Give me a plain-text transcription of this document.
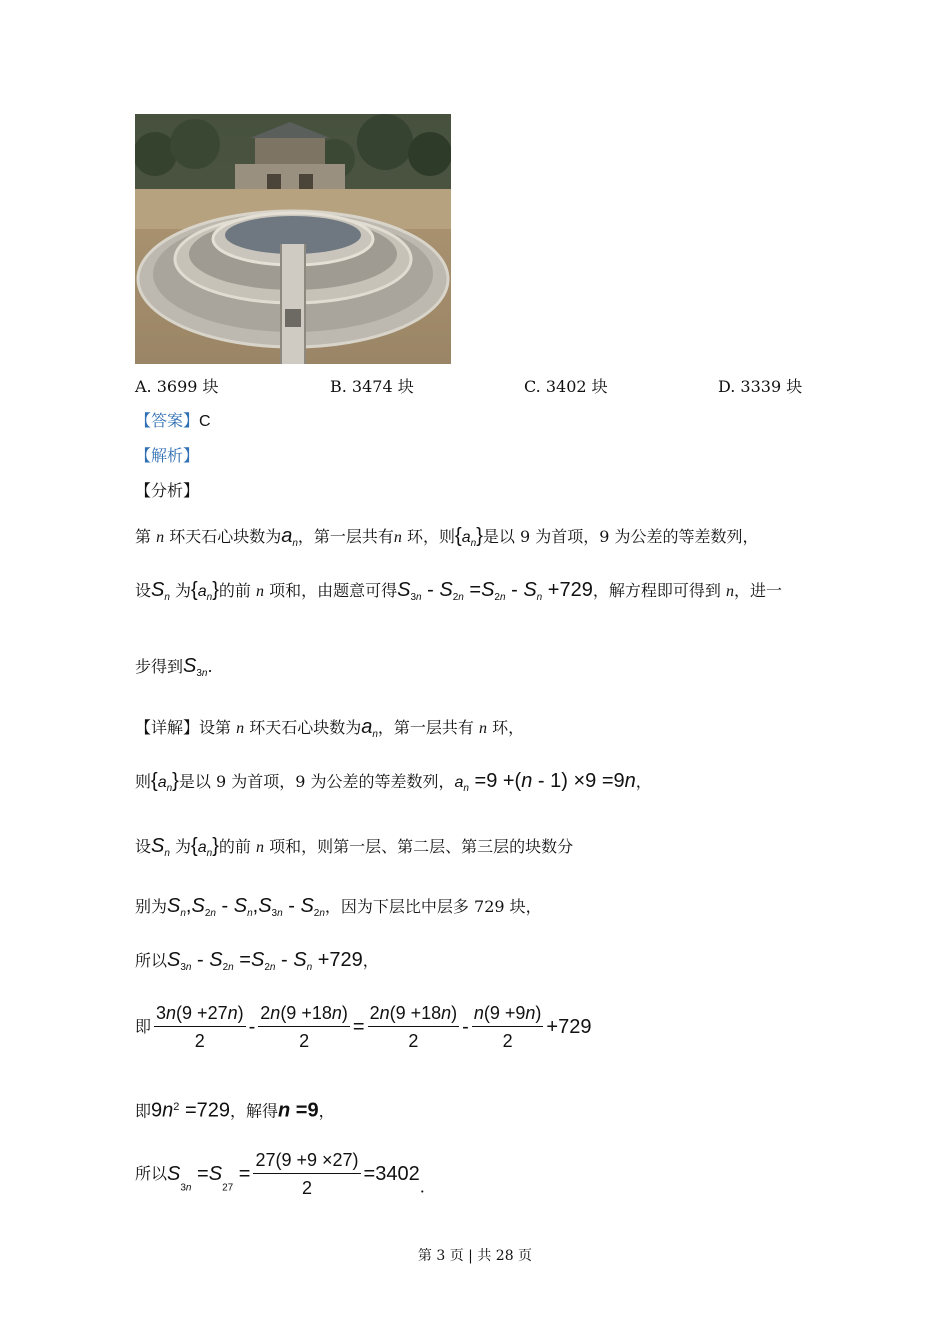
A. 3699 块	B. 3474 块	C. 3402 块	D. 3339 块
【答案】C
【解析】
【分析】
第 n 环天石心块数为$a_n$，第一层共有n 环，则$\{a_n\}$是以 9 为首项，9 为公差的等差数列，
设$S_n$ 为$\{a_n\}$的前 n 项和，由题意可得$S_{3n} - S_{2n} =S_{2n} - S_n +729$，解方程即可得到 n，进一
步得到$S_{3n}$.
【详解】设第 n 环天石心块数为$a_n$，第一层共有 n 环，
则$\{a_n\}$是以 9 为首项，9 为公差的等差数列，$a_n =9 +(n - 1) \times 9 =9n$，
设$S_n$ 为$\{a_n\}$的前 n 项和，则第一层、第二层、第三层的块数分
别为$S_n,S_{2n} - S_n,S_{3n} - S_{2n}$，因为下层比中层多 729 块，
所以$S_{3n} - S_{2n} =S_{2n} - S_n +729$，
即 $\frac{3n(9 +27n)}{2} - \frac{2n(9 +18n)}{2} = \frac{2n(9 +18n)}{2} - \frac{n(9 +9n)}{2} +729$
即$9n^2 =729$，解得n =9，
所以$S_{3n} =S_{27} = \frac{27(9 +9 \times 27)}{2} =3402$.
第 3 页 | 共 28 页
